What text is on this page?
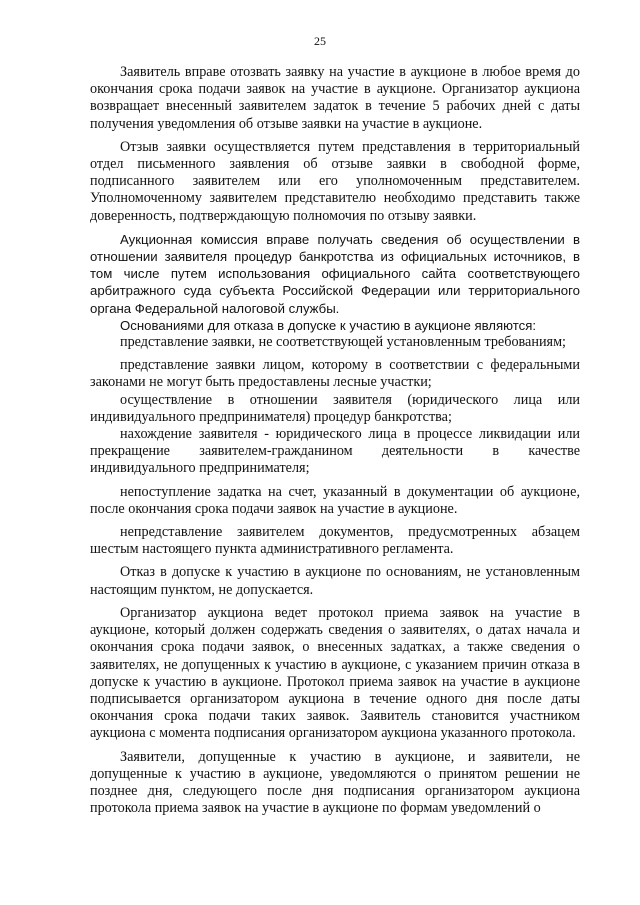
25

Заявитель вправе отозвать заявку на участие в аукционе в любое время до окончания срока подачи заявок на участие в аукционе. Организатор аукциона возвращает внесенный заявителем задаток в течение 5 рабочих дней с даты получения уведомления об отзыве заявки на участие в аукционе.

Отзыв заявки осуществляется путем представления в территориальный отдел письменного заявления об отзыве заявки в свободной форме, подписанного заявителем или его уполномоченным представителем. Уполномоченному заявителем представителю необходимо представить также доверенность, подтверждающую полномочия по отзыву заявки.

Аукционная комиссия вправе получать сведения об осуществлении в отношении заявителя процедур банкротства из официальных источников, в том числе путем использования официального сайта соответствующего арбитражного суда субъекта Российской Федерации или территориального органа Федеральной налоговой службы.

Основаниями для отказа в допуске к участию в аукционе являются:

представление заявки, не соответствующей установленным требованиям;

представление заявки лицом, которому в соответствии с федеральными законами не могут быть предоставлены лесные участки;

осуществление в отношении заявителя (юридического лица или индивидуального предпринимателя) процедур банкротства;

нахождение заявителя - юридического лица в процессе ликвидации или прекращение заявителем-гражданином деятельности в качестве индивидуального предпринимателя;

непоступление задатка на счет, указанный в документации об аукционе, после окончания срока подачи заявок на участие в аукционе.

непредставление заявителем документов, предусмотренных абзацем шестым настоящего пункта административного регламента.

Отказ в допуске к участию в аукционе по основаниям, не установленным настоящим пунктом, не допускается.

Организатор аукциона ведет протокол приема заявок на участие в аукционе, который должен содержать сведения о заявителях, о датах начала и окончания срока подачи заявок, о внесенных задатках, а также сведения о заявителях, не допущенных к участию в аукционе, с указанием причин отказа в допуске к участию в аукционе. Протокол приема заявок на участие в аукционе подписывается организатором аукциона в течение одного дня после даты окончания срока подачи таких заявок. Заявитель становится участником аукциона с момента подписания организатором аукциона указанного протокола.

Заявители, допущенные к участию в аукционе, и заявители, не допущенные к участию в аукционе, уведомляются о принятом решении не позднее дня, следующего после дня подписания организатором аукциона протокола приема заявок на участие в аукционе по формам уведомлений о
